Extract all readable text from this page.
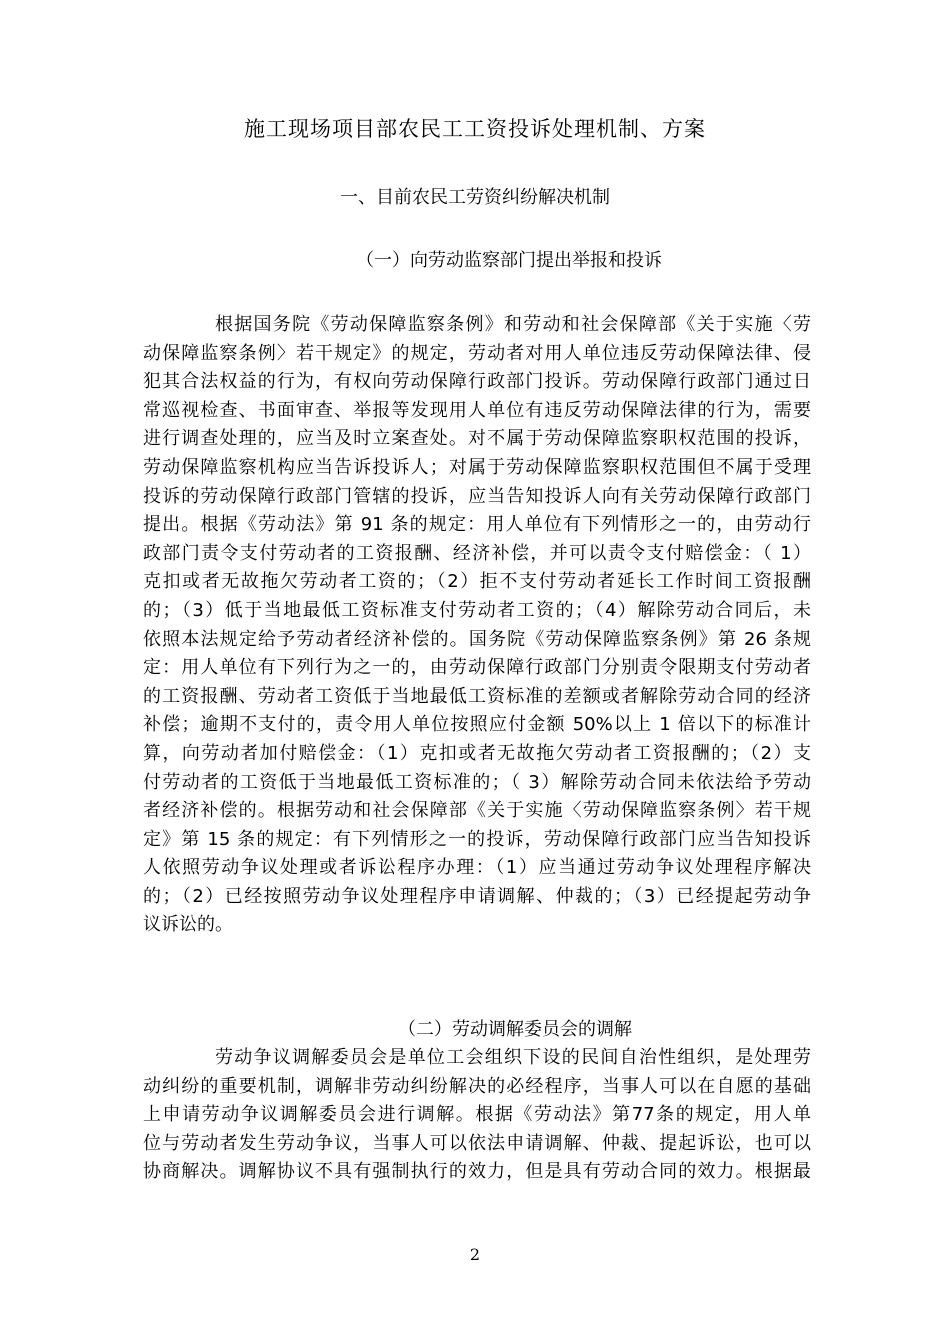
施工现场项目部农民工工资投诉处理机制、方案
一、目前农民工劳资纠纷解决机制
（一）向劳动监察部门提出举报和投诉
根据国务院《劳动保障监察条例》和劳动和社会保障部《关于实施〈劳
动保障监察条例〉若干规定》的规定，劳动者对用人单位违反劳动保障法律、侵
犯其合法权益的行为，有权向劳动保障行政部门投诉。劳动保障行政部门通过日
常巡视检查、书面审查、举报等发现用人单位有违反劳动保障法律的行为，需要
进行调查处理的，应当及时立案查处。对不属于劳动保障监察职权范围的投诉，
劳动保障监察机构应当告诉投诉人；对属于劳动保障监察职权范围但不属于受理
投诉的劳动保障行政部门管辖的投诉，应当告知投诉人向有关劳动保障行政部门
提出。根据《劳动法》第 91 条的规定：用人单位有下列情形之一的，由劳动行
政部门责令支付劳动者的工资报酬、经济补偿，并可以责令支付赔偿金：（ 1）
克扣或者无故拖欠劳动者工资的；（2）拒不支付劳动者延长工作时间工资报酬
的；（3）低于当地最低工资标准支付劳动者工资的；（4）解除劳动合同后，未
依照本法规定给予劳动者经济补偿的。国务院《劳动保障监察条例》第 26 条规
定：用人单位有下列行为之一的，由劳动保障行政部门分别责令限期支付劳动者
的工资报酬、劳动者工资低于当地最低工资标准的差额或者解除劳动合同的经济
补偿；逾期不支付的，责令用人单位按照应付金额 50%以上 1 倍以下的标准计
算，向劳动者加付赔偿金：（1）克扣或者无故拖欠劳动者工资报酬的；（2）支
付劳动者的工资低于当地最低工资标准的；（ 3）解除劳动合同未依法给予劳动
者经济补偿的。根据劳动和社会保障部《关于实施〈劳动保障监察条例〉若干规
定》第 15 条的规定：有下列情形之一的投诉，劳动保障行政部门应当告知投诉
人依照劳动争议处理或者诉讼程序办理：（1）应当通过劳动争议处理程序解决
的；（2）已经按照劳动争议处理程序申请调解、仲裁的；（3）已经提起劳动争
议诉讼的。
（二）劳动调解委员会的调解
劳动争议调解委员会是单位工会组织下设的民间自治性组织，是处理劳
动纠纷的重要机制，调解非劳动纠纷解决的必经程序，当事人可以在自愿的基础
上申请劳动争议调解委员会进行调解。根据《劳动法》第77条的规定，用人单
位与劳动者发生劳动争议，当事人可以依法申请调解、仲裁、提起诉讼，也可以
协商解决。调解协议不具有强制执行的效力，但是具有劳动合同的效力。根据最
2
